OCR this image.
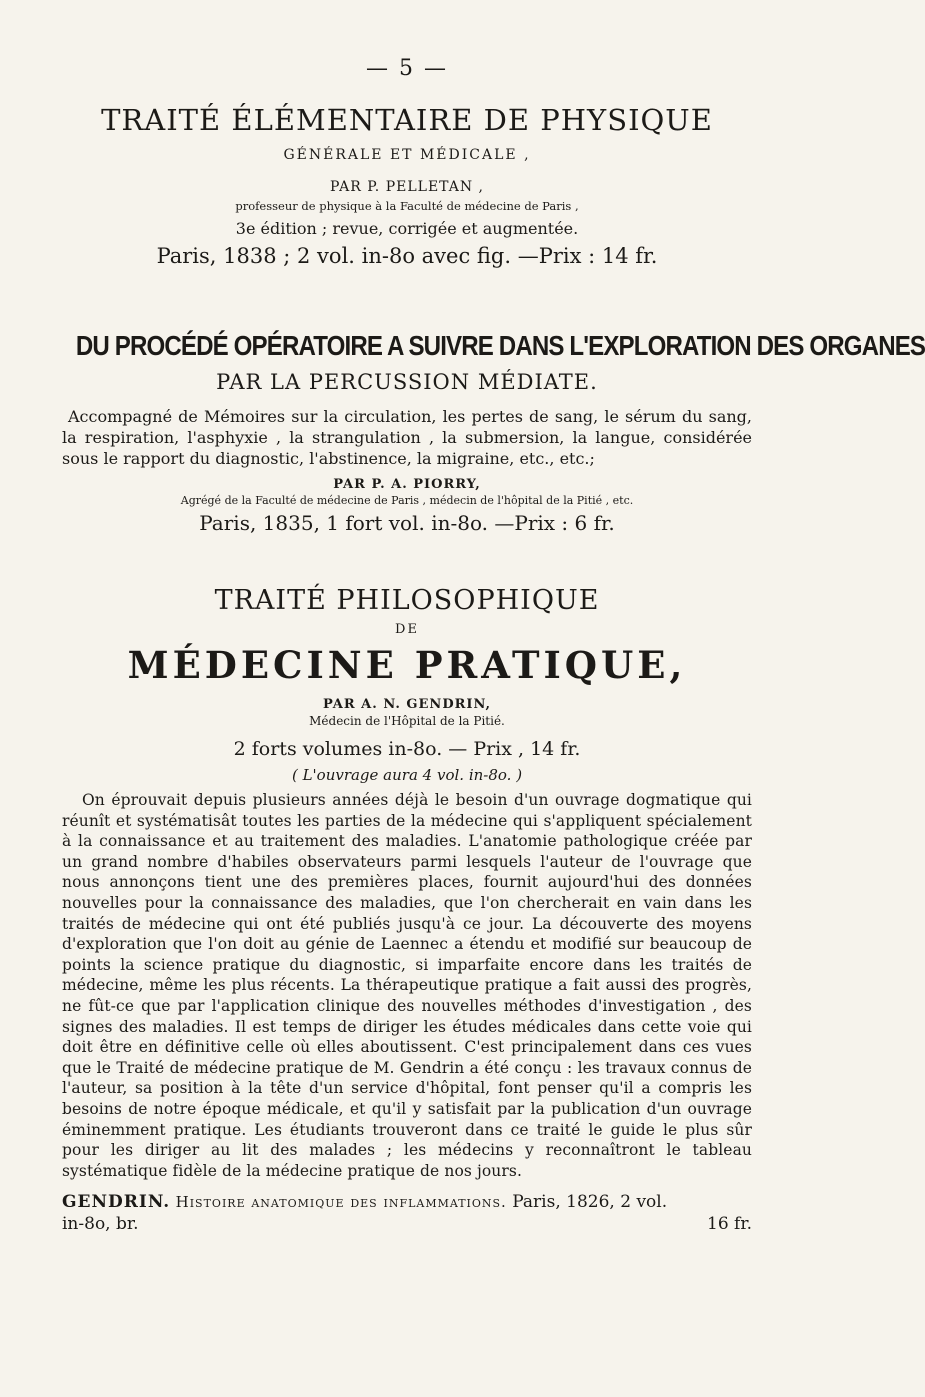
— 5 —
TRAITÉ ÉLÉMENTAIRE DE PHYSIQUE
GÉNÉRALE ET MÉDICALE ,
PAR P. PELLETAN ,
professeur de physique à la Faculté de médecine de Paris ,
3e édition ; revue, corrigée et augmentée.
Paris, 1838 ; 2 vol. in-8o avec fig. —Prix : 14 fr.
DU PROCÉDÉ OPÉRATOIRE A SUIVRE DANS L'EXPLORATION DES ORGANES
PAR LA PERCUSSION MÉDIATE.

Accompagné de Mémoires sur la circulation, les pertes de sang, le sérum du sang, la respiration, l'asphyxie , la strangulation , la submersion, la langue, considérée sous le rapport du diagnostic, l'abstinence, la migraine, etc., etc.;

PAR P. A. PIORRY,
Agrégé de la Faculté de médecine de Paris , médecin de l'hôpital de la Pitié , etc.
Paris, 1835, 1 fort vol. in-8o. —Prix : 6 fr.
TRAITÉ PHILOSOPHIQUE
DE
MÉDECINE PRATIQUE,
PAR A. N. GENDRIN,
Médecin de l'Hôpital de la Pitié.
2 forts volumes in-8o. — Prix , 14 fr.
( L'ouvrage aura 4 vol. in-8o. )

On éprouvait depuis plusieurs années déjà le besoin d'un ouvrage dogmatique qui réunît et systématisât toutes les parties de la médecine qui s'appliquent spécialement à la connaissance et au traitement des maladies. L'anatomie pathologique créée par un grand nombre d'habiles observateurs parmi lesquels l'auteur de l'ouvrage que nous annonçons tient une des premières places, fournit aujourd'hui des données nouvelles pour la connaissance des maladies, que l'on chercherait en vain dans les traités de médecine qui ont été publiés jusqu'à ce jour. La découverte des moyens d'exploration que l'on doit au génie de Laennec a étendu et modifié sur beaucoup de points la science pratique du diagnostic, si imparfaite encore dans les traités de médecine, même les plus récents. La thérapeutique pratique a fait aussi des progrès, ne fût-ce que par l'application clinique des nouvelles méthodes d'investigation , des signes des maladies. Il est temps de diriger les études médicales dans cette voie qui doit être en définitive celle où elles aboutissent. C'est principalement dans ces vues que le Traité de médecine pratique de M. Gendrin a été conçu : les travaux connus de l'auteur, sa position à la tête d'un service d'hôpital, font penser qu'il a compris les besoins de notre époque médicale, et qu'il y satisfait par la publication d'un ouvrage éminemment pratique. Les étudiants trouveront dans ce traité le guide le plus sûr pour les diriger au lit des malades ; les médecins y reconnaîtront le tableau systématique fidèle de la médecine pratique de nos jours.

GENDRIN. Histoire anatomique des inflammations. Paris, 1826, 2 vol.
in-8o, br.	16 fr.
